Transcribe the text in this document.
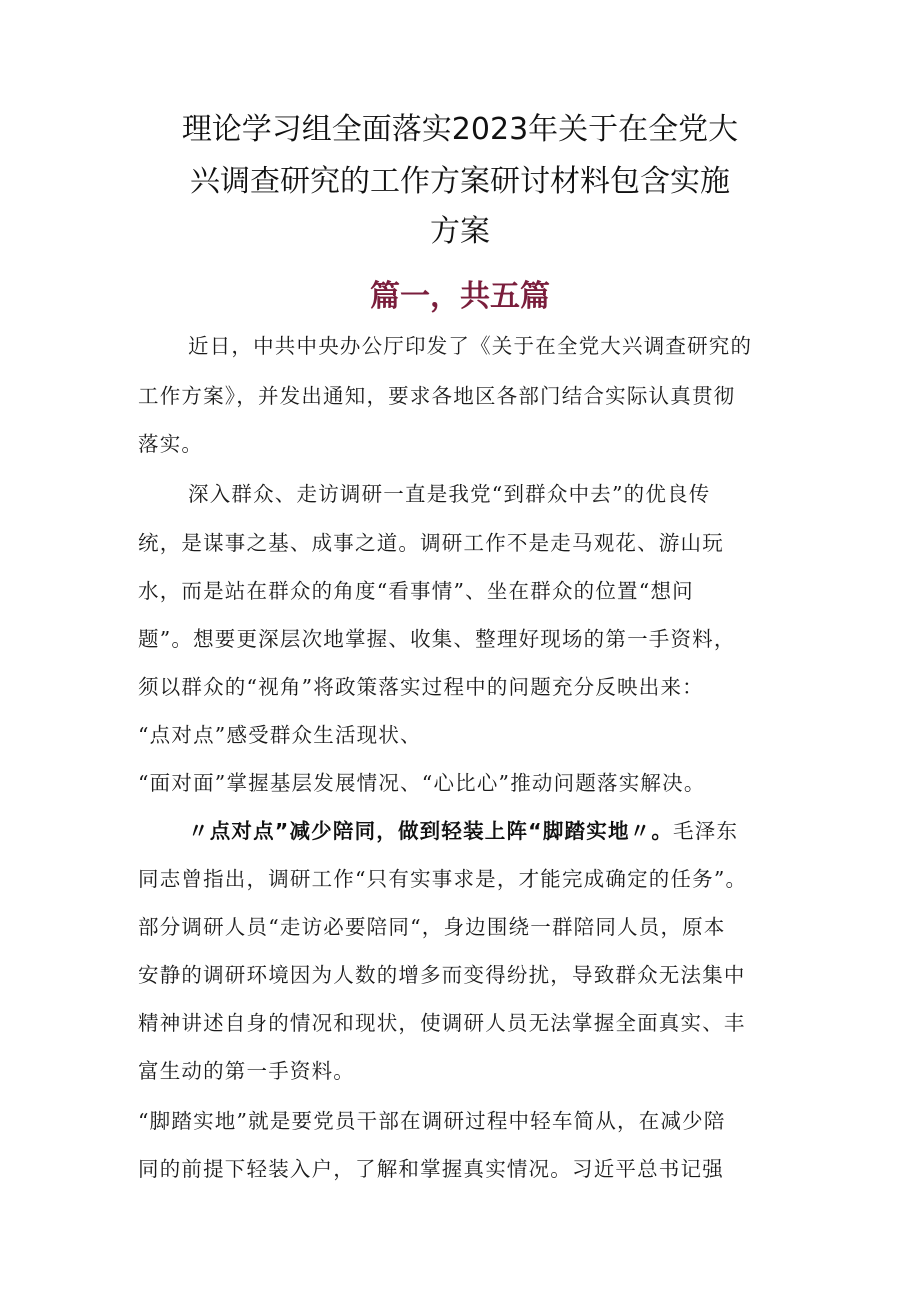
理论学习组全面落实2023年关于在全党大
兴调查研究的工作方案研讨材料包含实施
方案
篇一，共五篇
近日，中共中央办公厅印发了《关于在全党大兴调查研究的
工作方案》，并发出通知，要求各地区各部门结合实际认真贯彻
落实。
深入群众、走访调研一直是我党“到群众中去”的优良传
统，是谋事之基、成事之道。调研工作不是走马观花、游山玩
水，而是站在群众的角度“看事情”、坐在群众的位置“想问
题”。想要更深层次地掌握、收集、整理好现场的第一手资料，
须以群众的“视角”将政策落实过程中的问题充分反映出来：
“点对点”感受群众生活现状、
“面对面”掌握基层发展情况、“心比心”推动问题落实解决。
〃点对点”减少陪同，做到轻装上阵“脚踏实地〃。毛泽东
同志曾指出，调研工作“只有实事求是，才能完成确定的任务”。
部分调研人员“走访必要陪同“，身边围绕一群陪同人员，原本
安静的调研环境因为人数的增多而变得纷扰，导致群众无法集中
精神讲述自身的情况和现状，使调研人员无法掌握全面真实、丰
富生动的第一手资料。
“脚踏实地”就是要党员干部在调研过程中轻车简从，在减少陪
同的前提下轻装入户，了解和掌握真实情况。习近平总书记强
